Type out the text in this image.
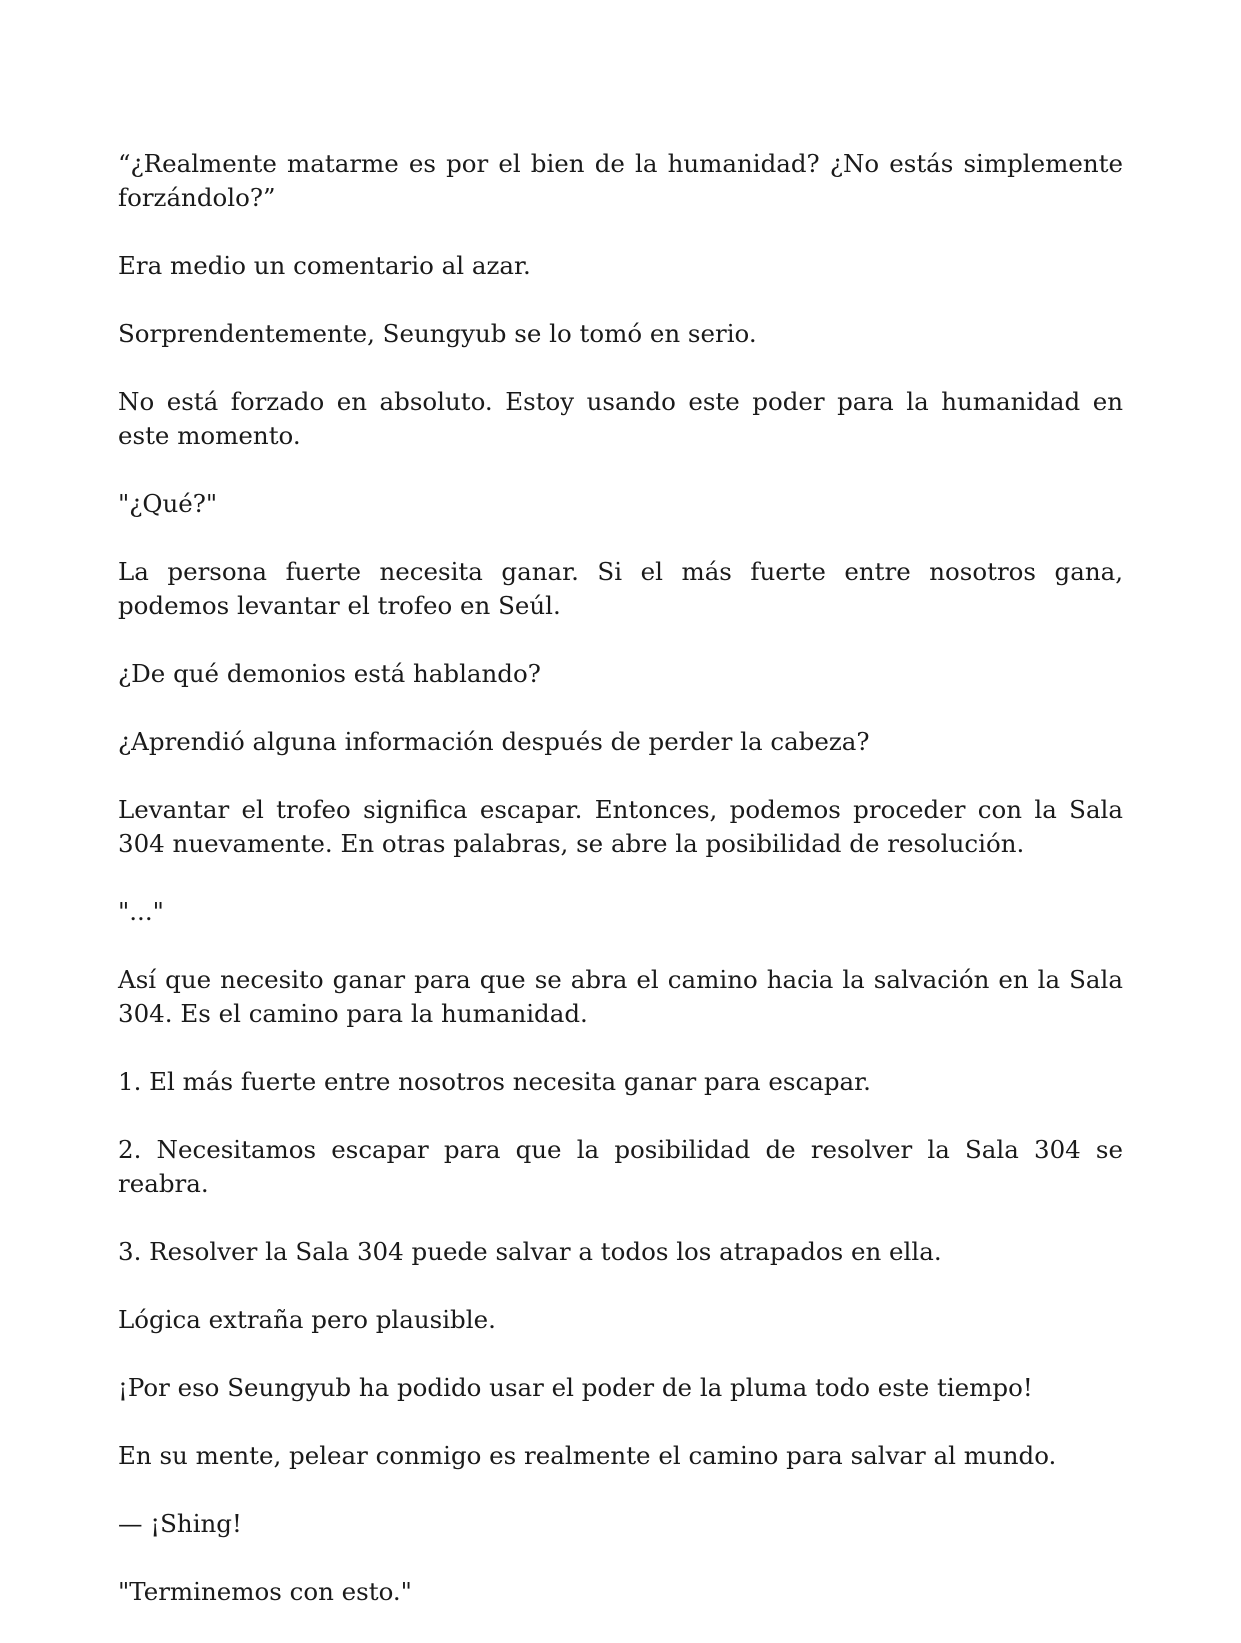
“¿Realmente matarme es por el bien de la humanidad? ¿No estás simplemente forzándolo?”

Era medio un comentario al azar.

Sorprendentemente, Seungyub se lo tomó en serio.

No está forzado en absoluto. Estoy usando este poder para la humanidad en este momento.

"¿Qué?"

La persona fuerte necesita ganar. Si el más fuerte entre nosotros gana, podemos levantar el trofeo en Seúl.

¿De qué demonios está hablando?

¿Aprendió alguna información después de perder la cabeza?

Levantar el trofeo significa escapar. Entonces, podemos proceder con la Sala 304 nuevamente. En otras palabras, se abre la posibilidad de resolución.

"..."

Así que necesito ganar para que se abra el camino hacia la salvación en la Sala 304. Es el camino para la humanidad.

1. El más fuerte entre nosotros necesita ganar para escapar.

2. Necesitamos escapar para que la posibilidad de resolver la Sala 304 se reabra.

3. Resolver la Sala 304 puede salvar a todos los atrapados en ella.

Lógica extraña pero plausible.

¡Por eso Seungyub ha podido usar el poder de la pluma todo este tiempo!

En su mente, pelear conmigo es realmente el camino para salvar al mundo.

— ¡Shing!

"Terminemos con esto."
